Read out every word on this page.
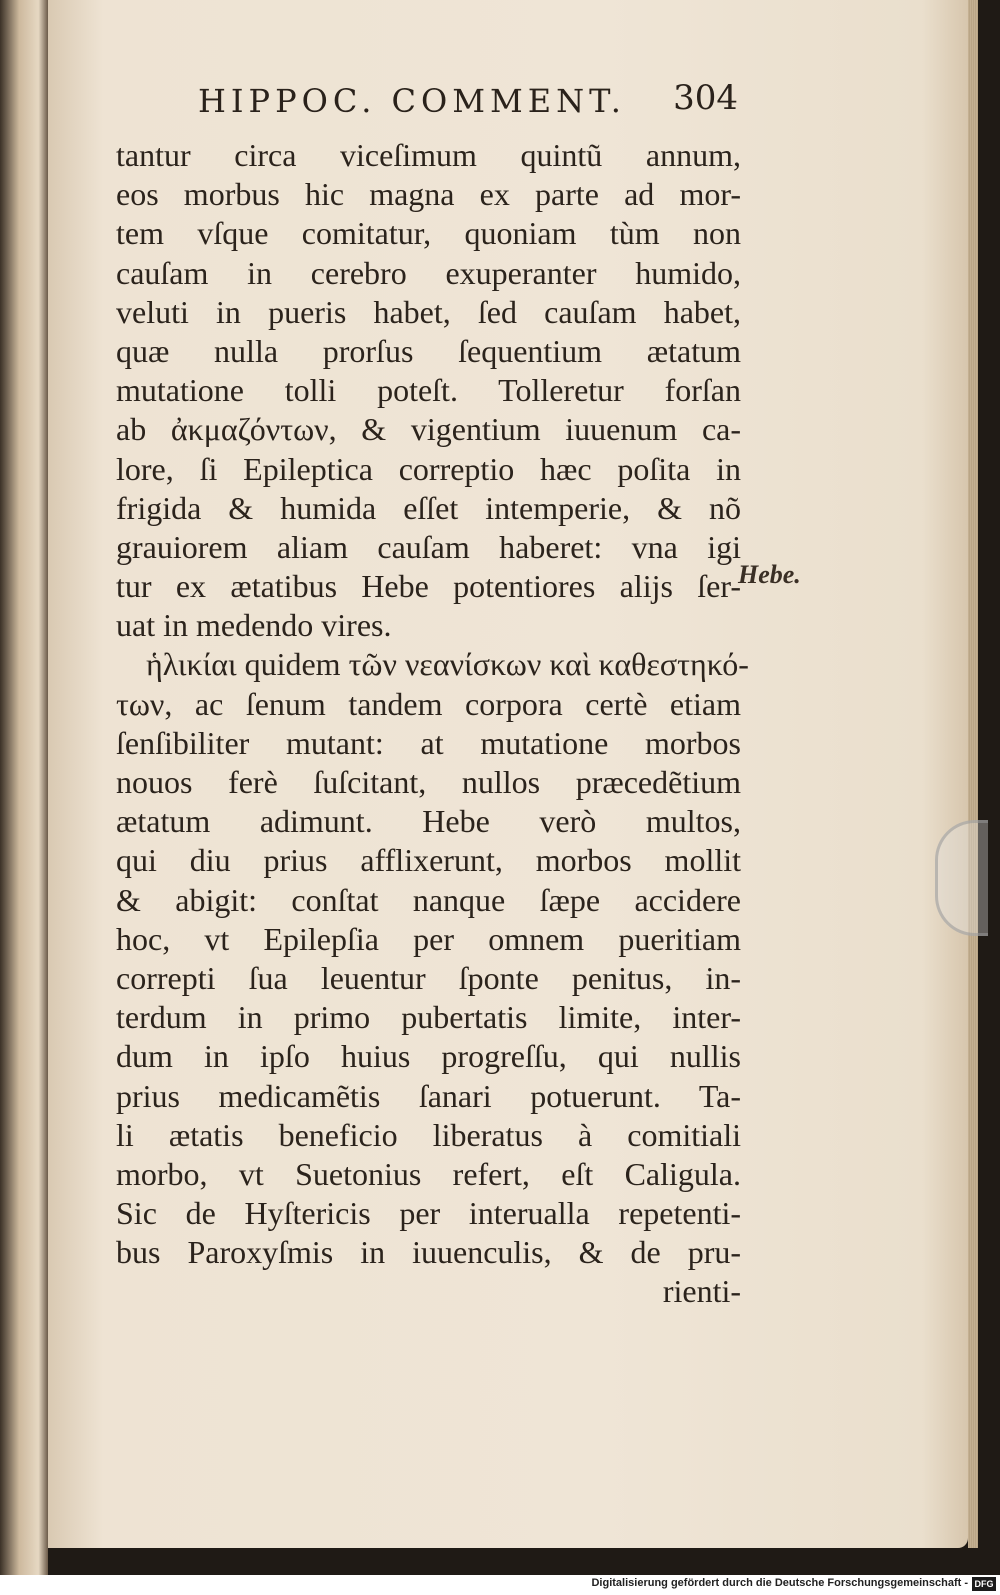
HIPPOC. COMMENT. 304
Hebe.
tantur circa viceſimum quintũ annum,
eos morbus hic magna ex parte ad mor-
tem vſque comitatur, quoniam tùm non
cauſam in cerebro exuperanter humido,
veluti in pueris habet, ſed cauſam habet,
quæ nulla prorſus ſequentium ætatum
mutatione tolli poteſt. Tolleretur forſan
ab ἀκμαζόντων, & vigentium iuuenum ca-
lore, ſi Epileptica correptio hæc poſita in
frigida & humida eſſet intemperie, & nõ
grauiorem aliam cauſam haberet: vna igi
tur ex ætatibus Hebe potentiores alijs ſer-
uat in medendo vires.
ἡλικίαι quidem τῶν νεανίσκων καὶ καθεστηκό-
των, ac ſenum tandem corpora certè etiam
ſenſibiliter mutant: at mutatione morbos
nouos ferè ſuſcitant, nullos præcedẽtium
ætatum adimunt. Hebe verò multos,
qui diu prius afflixerunt, morbos mollit
& abigit: conſtat nanque ſæpe accidere
hoc, vt Epilepſia per omnem pueritiam
correpti ſua leuentur ſponte penitus, in-
terdum in primo pubertatis limite, inter-
dum in ipſo huius progreſſu, qui nullis
prius medicamẽtis ſanari potuerunt. Ta-
li ætatis beneficio liberatus à comitiali
morbo, vt Suetonius refert, eſt Caligula.
Sic de Hyſtericis per interualla repetenti-
bus Paroxyſmis in iuuenculis, & de pru-
rienti-
Digitalisierung gefördert durch die Deutsche Forschungsgemeinschaft - DFG
